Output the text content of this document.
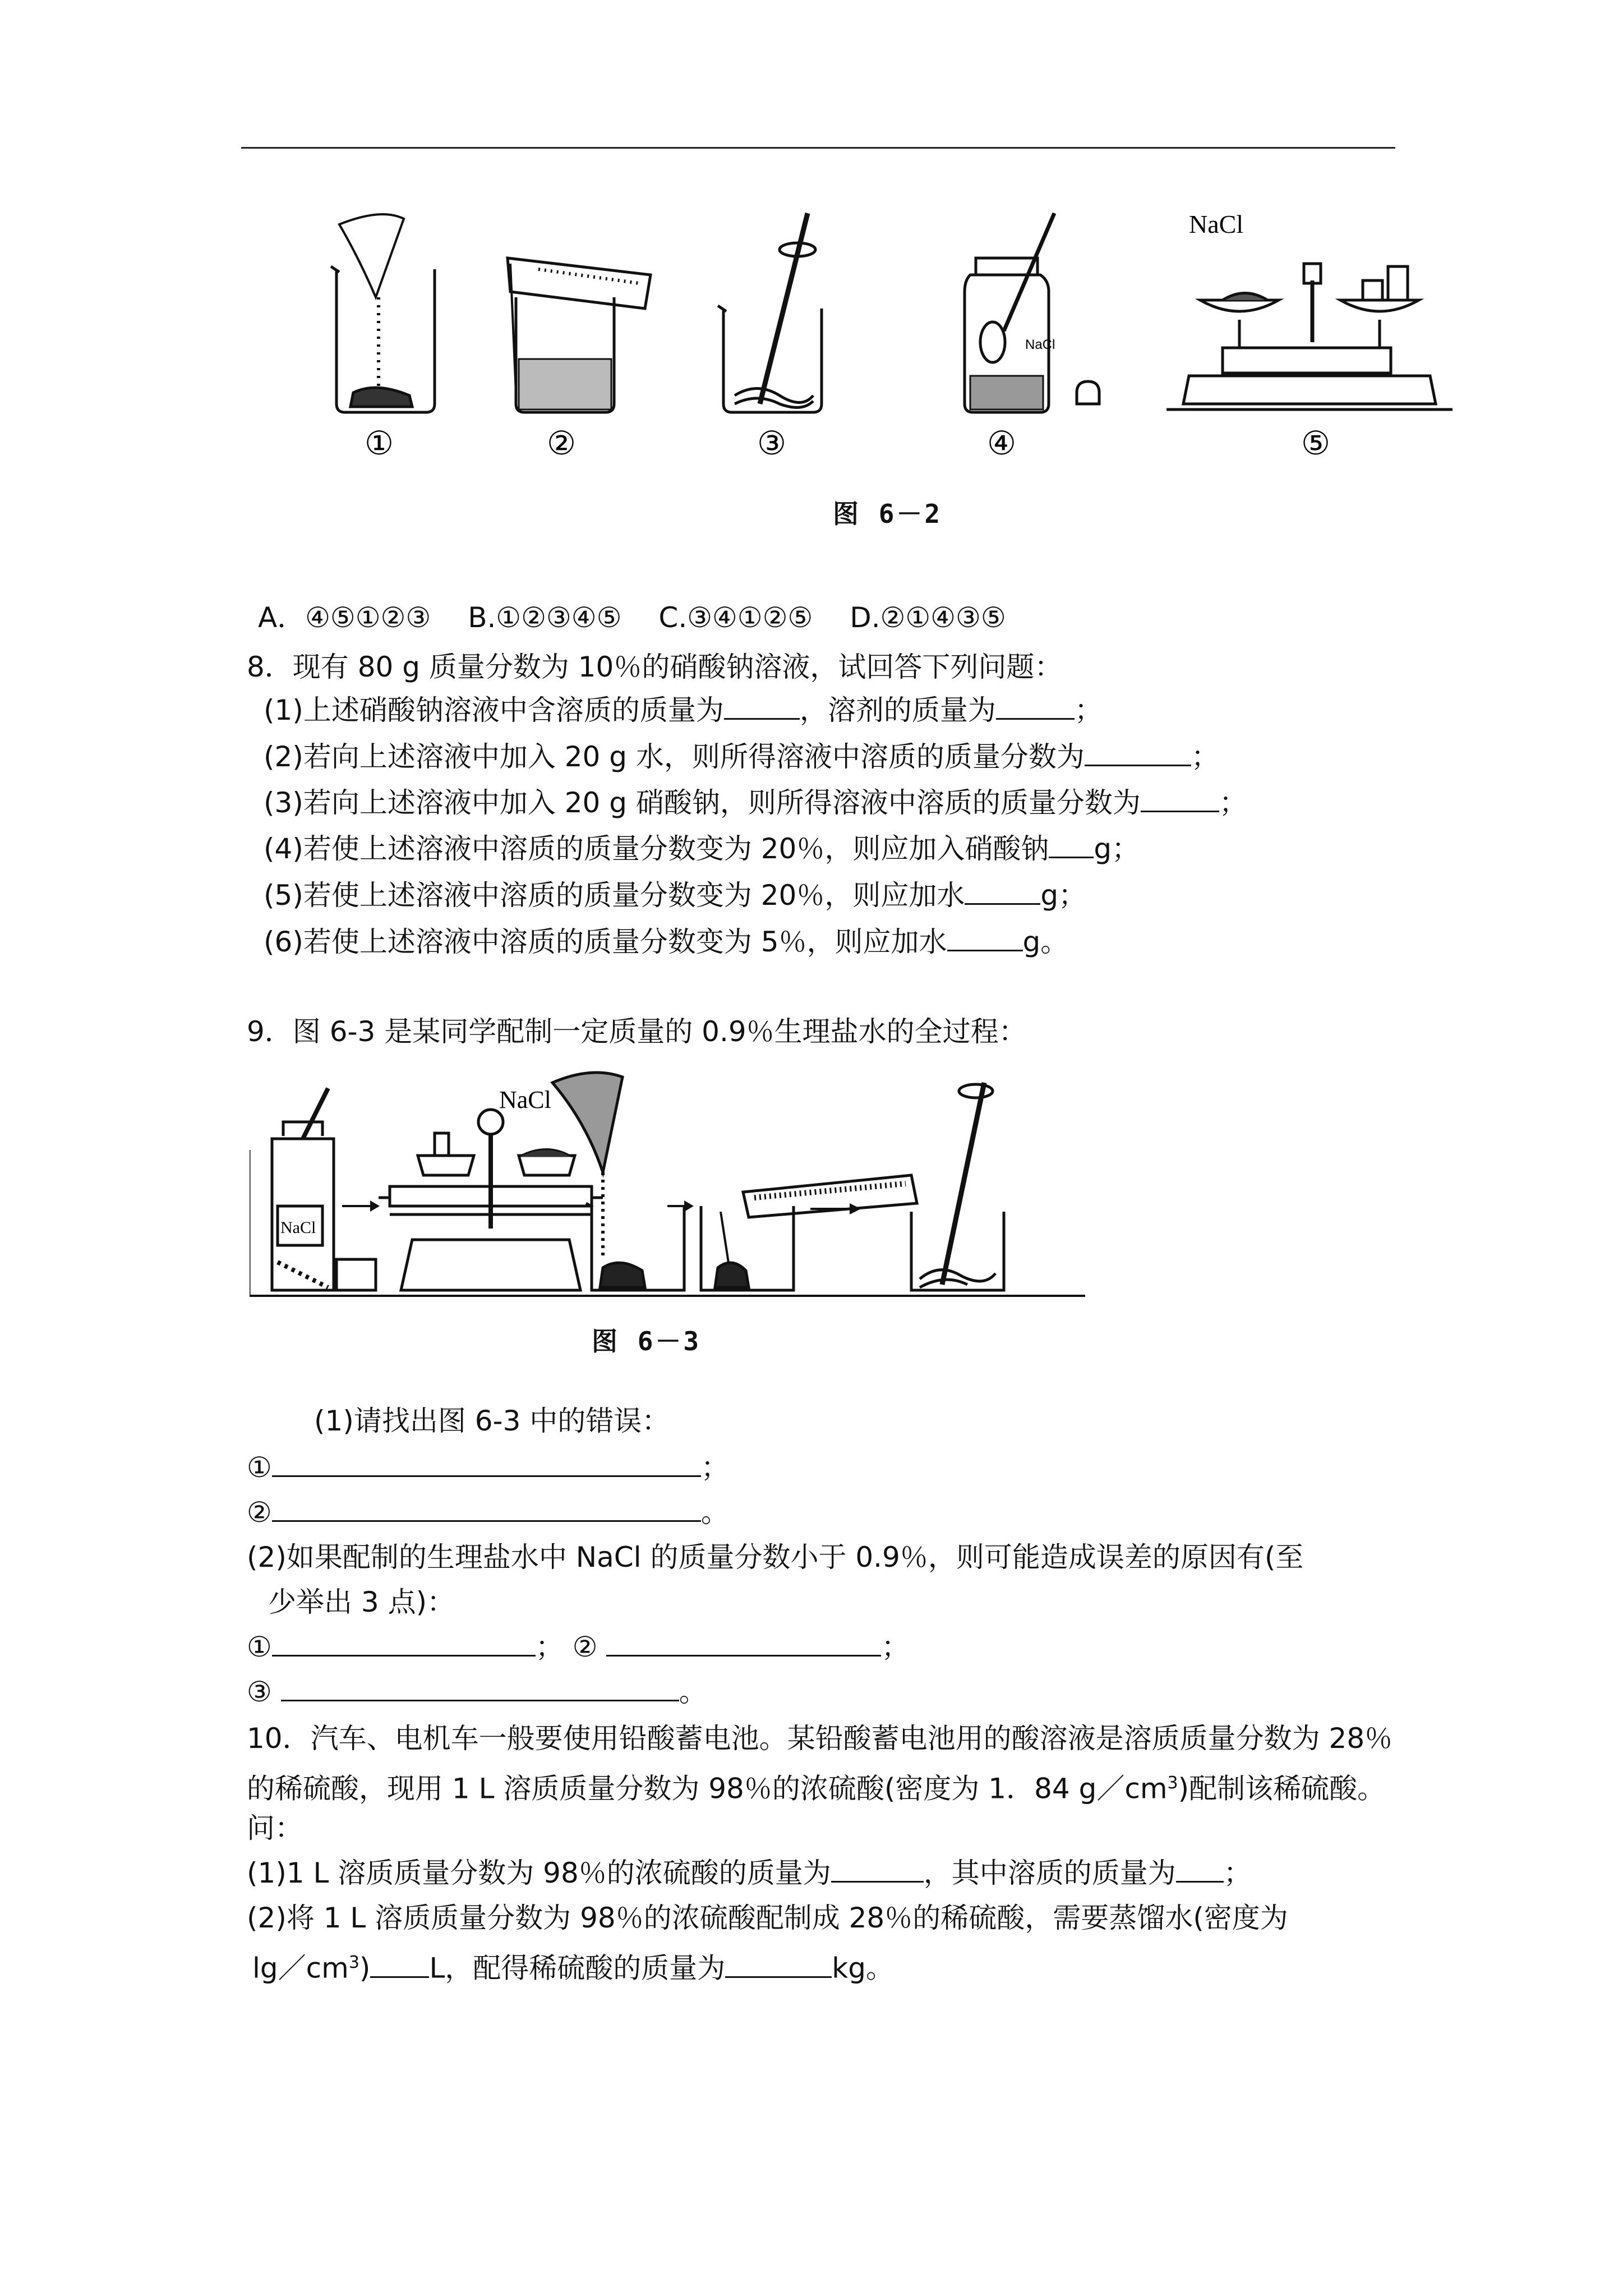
①	②	③
NaCl
④
NaCl
⑤
图 6－2
A．④⑤①②③ 　B.①②③④⑤ 　C.③④①②⑤ 　D.②①④③⑤
8．现有 80 g 质量分数为 10％的硝酸钠溶液，试回答下列问题：
(1)上述硝酸钠溶液中含溶质的质量为	，溶剂的质量为	；
(2)若向上述溶液中加入 20 g 水，则所得溶液中溶质的质量分数为	；
(3)若向上述溶液中加入 20 g 硝酸钠，则所得溶液中溶质的质量分数为	；
(4)若使上述溶液中溶质的质量分数变为 20％，则应加入硝酸钠 g；
(5)若使上述溶液中溶质的质量分数变为 20％，则应加水	g；
(6)若使上述溶液中溶质的质量分数变为 5％，则应加水	g。
9．图 6-3 是某同学配制一定质量的 0.9％生理盐水的全过程：
NaCl
NaCl
图 6－3
(1)请找出图 6-3 中的错误：
①	；
②	。
(2)如果配制的生理盐水中 NaCl 的质量分数小于 0.9％，则可能造成误差的原因有(至
少举出 3 点)：
①	； ②	；
③	。
10．汽车、电机车一般要使用铅酸蓄电池。某铅酸蓄电池用的酸溶液是溶质质量分数为 28％
的稀硫酸，现用 1 L 溶质质量分数为 98％的浓硫酸(密度为 1．84 $g/cm^3$)配制该稀硫酸。
问：
(1)1 L 溶质质量分数为 98％的浓硫酸的质量为	，其中溶质的质量为 ；
(2)将 1 L 溶质质量分数为 98％的浓硫酸配制成 28％的稀硫酸，需要蒸馏水(密度为
$\lg/cm^3$) L，配得稀硫酸的质量为	kg。
